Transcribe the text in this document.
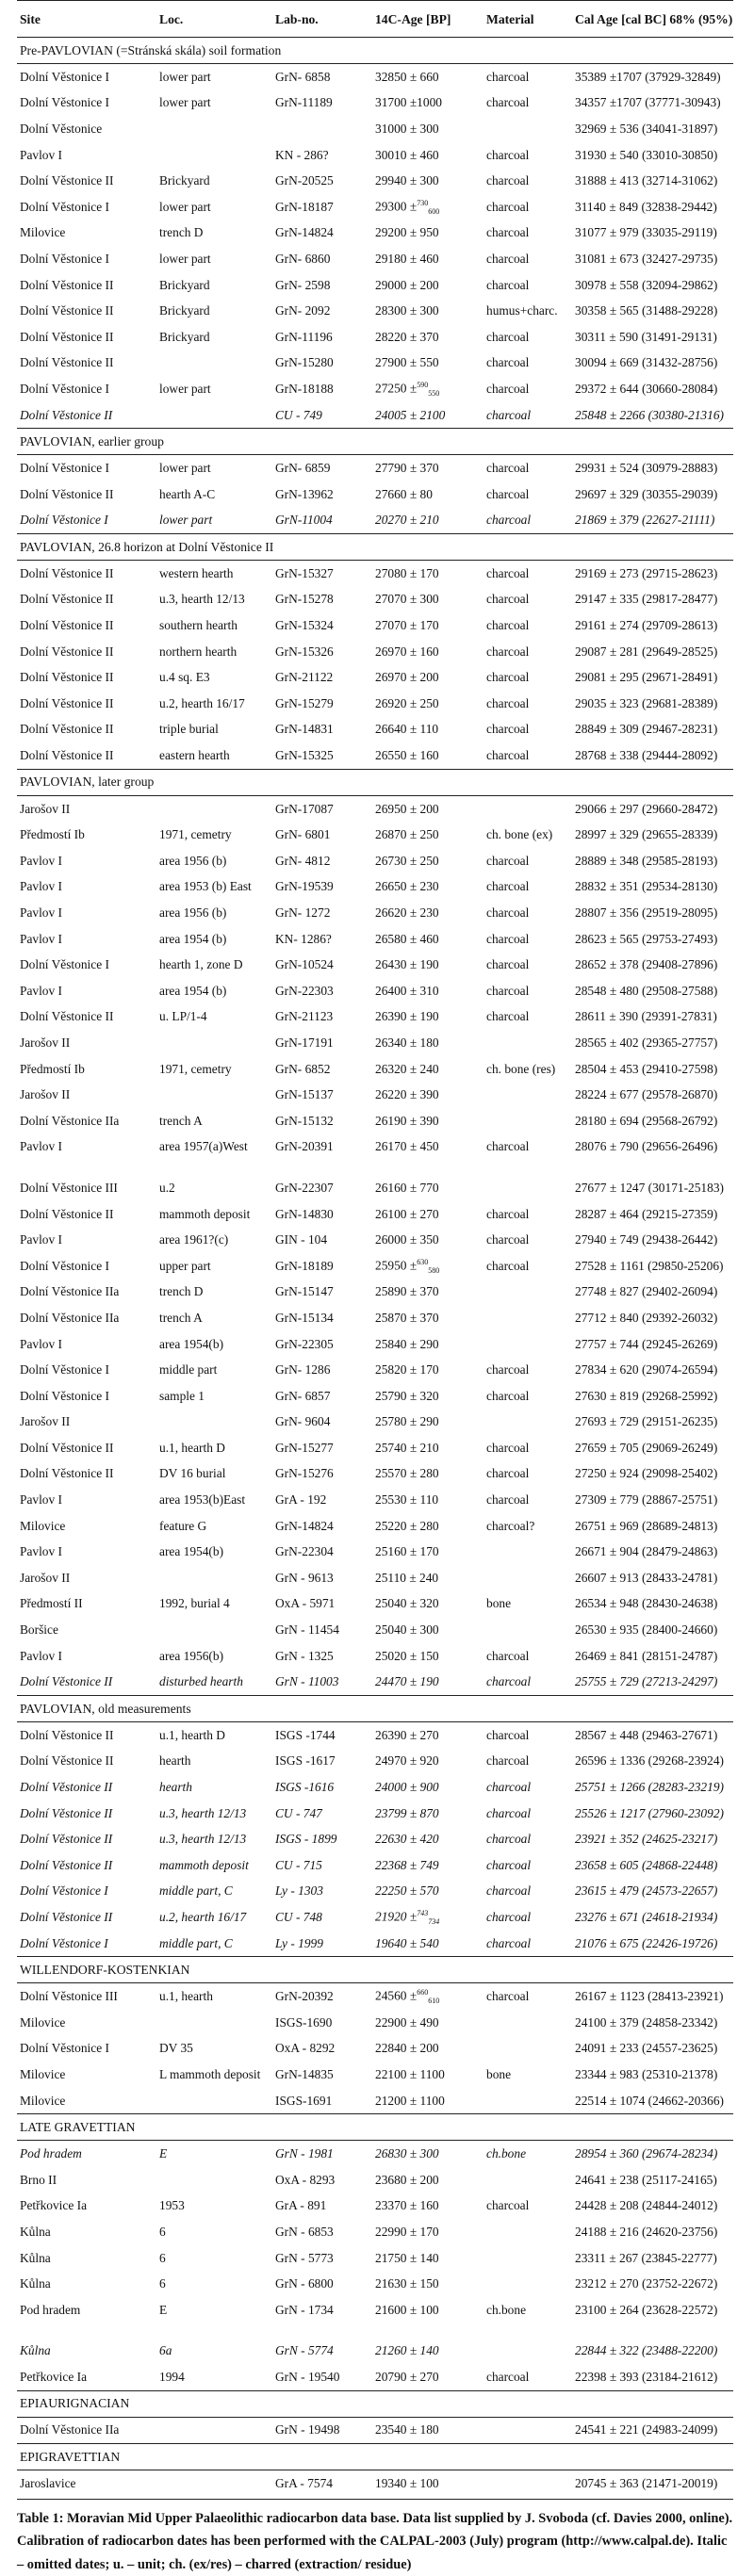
Site	Loc.	Lab-no.	14C-Age [BP]	Material	Cal Age [cal BC] 68% (95%)
Pre-PAVLOVIAN (=Stránská skála) soil formation					
Dolní Věstonice I	lower part	GrN- 6858	32850 ± 660	charcoal	35389 ±1707 (37929-32849)
Dolní Věstonice I	lower part	GrN-11189	31700 ±1000	charcoal	34357 ±1707 (37771-30943)
Dolní Věstonice			31000 ± 300		32969 ± 536 (34041-31897)
Pavlov I		KN - 286?	30010 ± 460	charcoal	31930 ± 540 (33010-30850)
Dolní Věstonice II	Brickyard	GrN-20525	29940 ± 300	charcoal	31888 ± 413 (32714-31062)
Dolní Věstonice I	lower part	GrN-18187	29300 ±$^{730}_{600}$	charcoal	31140 ± 849 (32838-29442)
Milovice	trench D	GrN-14824	29200 ± 950	charcoal	31077 ± 979 (33035-29119)
Dolní Věstonice I	lower part	GrN- 6860	29180 ± 460	charcoal	31081 ± 673 (32427-29735)
Dolní Věstonice II	Brickyard	GrN- 2598	29000 ± 200	charcoal	30978 ± 558 (32094-29862)
Dolní Věstonice II	Brickyard	GrN- 2092	28300 ± 300	humus+charc.	30358 ± 565 (31488-29228)
Dolní Věstonice II	Brickyard	GrN-11196	28220 ± 370	charcoal	30311 ± 590 (31491-29131)
Dolní Věstonice II		GrN-15280	27900 ± 550	charcoal	30094 ± 669 (31432-28756)
Dolní Věstonice I	lower part	GrN-18188	27250 ±$^{590}_{550}$	charcoal	29372 ± 644 (30660-28084)
Dolní Věstonice II		CU - 749	24005 ± 2100	charcoal	25848 ± 2266 (30380-21316)
PAVLOVIAN, earlier group					
Dolní Věstonice I	lower part	GrN- 6859	27790 ± 370	charcoal	29931 ± 524 (30979-28883)
Dolní Věstonice II	hearth A-C	GrN-13962	27660 ± 80	charcoal	29697 ± 329 (30355-29039)
Dolní Věstonice I	lower part	GrN-11004	20270 ± 210	charcoal	21869 ± 379 (22627-21111)
PAVLOVIAN, 26.8 horizon at Dolní Věstonice II					
Dolní Věstonice II	western hearth	GrN-15327	27080 ± 170	charcoal	29169 ± 273 (29715-28623)
Dolní Věstonice II	u.3, hearth 12/13	GrN-15278	27070 ± 300	charcoal	29147 ± 335 (29817-28477)
Dolní Věstonice II	southern hearth	GrN-15324	27070 ± 170	charcoal	29161 ± 274 (29709-28613)
Dolní Věstonice II	northern hearth	GrN-15326	26970 ± 160	charcoal	29087 ± 281 (29649-28525)
Dolní Věstonice II	u.4 sq. E3	GrN-21122	26970 ± 200	charcoal	29081 ± 295 (29671-28491)
Dolní Věstonice II	u.2, hearth 16/17	GrN-15279	26920 ± 250	charcoal	29035 ± 323 (29681-28389)
Dolní Věstonice II	triple burial	GrN-14831	26640 ± 110	charcoal	28849 ± 309 (29467-28231)
Dolní Věstonice II	eastern hearth	GrN-15325	26550 ± 160	charcoal	28768 ± 338 (29444-28092)
PAVLOVIAN, later group					
Jarošov II		GrN-17087	26950 ± 200		29066 ± 297 (29660-28472)
Předmostí Ib	1971, cemetry	GrN- 6801	26870 ± 250	ch. bone (ex)	28997 ± 329 (29655-28339)
Pavlov I	area 1956 (b)	GrN- 4812	26730 ± 250	charcoal	28889 ± 348 (29585-28193)
Pavlov I	area 1953 (b) East	GrN-19539	26650 ± 230	charcoal	28832 ± 351 (29534-28130)
Pavlov I	area 1956 (b)	GrN- 1272	26620 ± 230	charcoal	28807 ± 356 (29519-28095)
Pavlov I	area 1954 (b)	KN- 1286?	26580 ± 460	charcoal	28623 ± 565 (29753-27493)
Dolní Věstonice I	hearth 1, zone D	GrN-10524	26430 ± 190	charcoal	28652 ± 378 (29408-27896)
Pavlov I	area 1954 (b)	GrN-22303	26400 ± 310	charcoal	28548 ± 480 (29508-27588)
Dolní Věstonice II	u. LP/1-4	GrN-21123	26390 ± 190	charcoal	28611 ± 390 (29391-27831)
Jarošov II		GrN-17191	26340 ± 180		28565 ± 402 (29365-27757)
Předmostí Ib	1971, cemetry	GrN- 6852	26320 ± 240	ch. bone (res)	28504 ± 453 (29410-27598)
Jarošov II		GrN-15137	26220 ± 390		28224 ± 677 (29578-26870)
Dolní Věstonice IIa	trench A	GrN-15132	26190 ± 390		28180 ± 694 (29568-26792)
Pavlov I	area 1957(a)West	GrN-20391	26170 ± 450	charcoal	28076 ± 790 (29656-26496)

Dolní Věstonice III	u.2	GrN-22307	26160 ± 770		27677 ± 1247 (30171-25183)
Dolní Věstonice II	mammoth deposit	GrN-14830	26100 ± 270	charcoal	28287 ± 464 (29215-27359)
Pavlov I	area 1961?(c)	GIN - 104	26000 ± 350	charcoal	27940 ± 749 (29438-26442)
Dolní Věstonice I	upper part	GrN-18189	25950 ±$^{630}_{580}$	charcoal	27528 ± 1161 (29850-25206)
Dolní Věstonice IIa	trench D	GrN-15147	25890 ± 370		27748 ± 827 (29402-26094)
Dolní Věstonice IIa	trench A	GrN-15134	25870 ± 370		27712 ± 840 (29392-26032)
Pavlov I	area 1954(b)	GrN-22305	25840 ± 290		27757 ± 744 (29245-26269)
Dolní Věstonice I	middle part	GrN- 1286	25820 ± 170	charcoal	27834 ± 620 (29074-26594)
Dolní Věstonice I	sample 1	GrN- 6857	25790 ± 320	charcoal	27630 ± 819 (29268-25992)
Jarošov II		GrN- 9604	25780 ± 290		27693 ± 729 (29151-26235)
Dolní Věstonice II	u.1, hearth D	GrN-15277	25740 ± 210	charcoal	27659 ± 705 (29069-26249)
Dolní Věstonice II	DV 16 burial	GrN-15276	25570 ± 280	charcoal	27250 ± 924 (29098-25402)
Pavlov I	area 1953(b)East	GrA - 192	25530 ± 110	charcoal	27309 ± 779 (28867-25751)
Milovice	feature G	GrN-14824	25220 ± 280	charcoal?	26751 ± 969 (28689-24813)
Pavlov I	area 1954(b)	GrN-22304	25160 ± 170		26671 ± 904 (28479-24863)
Jarošov II		GrN - 9613	25110 ± 240		26607 ± 913 (28433-24781)
Předmostí II	1992, burial 4	OxA - 5971	25040 ± 320	bone	26534 ± 948 (28430-24638)
Boršice		GrN - 11454	25040 ± 300		26530 ± 935 (28400-24660)
Pavlov I	area 1956(b)	GrN - 1325	25020 ± 150	charcoal	26469 ± 841 (28151-24787)
Dolní Věstonice II	disturbed hearth	GrN - 11003	24470 ± 190	charcoal	25755 ± 729 (27213-24297)
PAVLOVIAN, old measurements					
Dolní Věstonice II	u.1, hearth D	ISGS -1744	26390 ± 270	charcoal	28567 ± 448 (29463-27671)
Dolní Věstonice II	hearth	ISGS -1617	24970 ± 920	charcoal	26596 ± 1336 (29268-23924)
Dolní Věstonice II	hearth	ISGS -1616	24000 ± 900	charcoal	25751 ± 1266 (28283-23219)
Dolní Věstonice II	u.3, hearth 12/13	CU - 747	23799 ± 870	charcoal	25526 ± 1217 (27960-23092)
Dolní Věstonice II	u.3, hearth 12/13	ISGS - 1899	22630 ± 420	charcoal	23921 ± 352 (24625-23217)
Dolní Věstonice II	mammoth deposit	CU - 715	22368 ± 749	charcoal	23658 ± 605 (24868-22448)
Dolní Věstonice I	middle part, C	Ly - 1303	22250 ± 570	charcoal	23615 ± 479 (24573-22657)
Dolní Věstonice II	u.2, hearth 16/17	CU - 748	21920 ±$^{743}_{734}$	charcoal	23276 ± 671 (24618-21934)
Dolní Věstonice I	middle part, C	Ly - 1999	19640 ± 540	charcoal	21076 ± 675 (22426-19726)
WILLENDORF-KOSTENKIAN					
Dolní Věstonice III	u.1, hearth	GrN-20392	24560 ±$^{660}_{610}$	charcoal	26167 ± 1123 (28413-23921)
Milovice		ISGS-1690	22900 ± 490		24100 ± 379 (24858-23342)
Dolní Věstonice I	DV 35	OxA - 8292	22840 ± 200		24091 ± 233 (24557-23625)
Milovice	L mammoth deposit	GrN-14835	22100 ± 1100	bone	23344 ± 983 (25310-21378)
Milovice		ISGS-1691	21200 ± 1100		22514 ± 1074 (24662-20366)
LATE GRAVETTIAN					
Pod hradem	E	GrN - 1981	26830 ± 300	ch.bone	28954 ± 360 (29674-28234)
Brno II		OxA - 8293	23680 ± 200		24641 ± 238 (25117-24165)
Petřkovice Ia	1953	GrA - 891	23370 ± 160	charcoal	24428 ± 208 (24844-24012)
Kůlna	6	GrN - 6853	22990 ± 170		24188 ± 216 (24620-23756)
Kůlna	6	GrN - 5773	21750 ± 140		23311 ± 267 (23845-22777)
Kůlna	6	GrN - 6800	21630 ± 150		23212 ± 270 (23752-22672)
Pod hradem	E	GrN - 1734	21600 ± 100	ch.bone	23100 ± 264 (23628-22572)

Kůlna	6a	GrN - 5774	21260 ± 140		22844 ± 322 (23488-22200)
Petřkovice Ia	1994	GrN - 19540	20790 ± 270	charcoal	22398 ± 393 (23184-21612)
EPIAURIGNACIAN					
Dolní Věstonice IIa		GrN - 19498	23540 ± 180		24541 ± 221 (24983-24099)
EPIGRAVETTIAN					
Jaroslavice		GrA - 7574	19340 ± 100		20745 ± 363 (21471-20019)
Table 1: Moravian Mid Upper Palaeolithic radiocarbon data base. Data list supplied by J. Svoboda (cf. Davies 2000, online). Calibration of radiocarbon dates has been performed with the CALPAL-2003 (July) program (http://www.calpal.de). Italic – omitted dates; u. – unit; ch. (ex/res) – charred (extraction/ residue)
